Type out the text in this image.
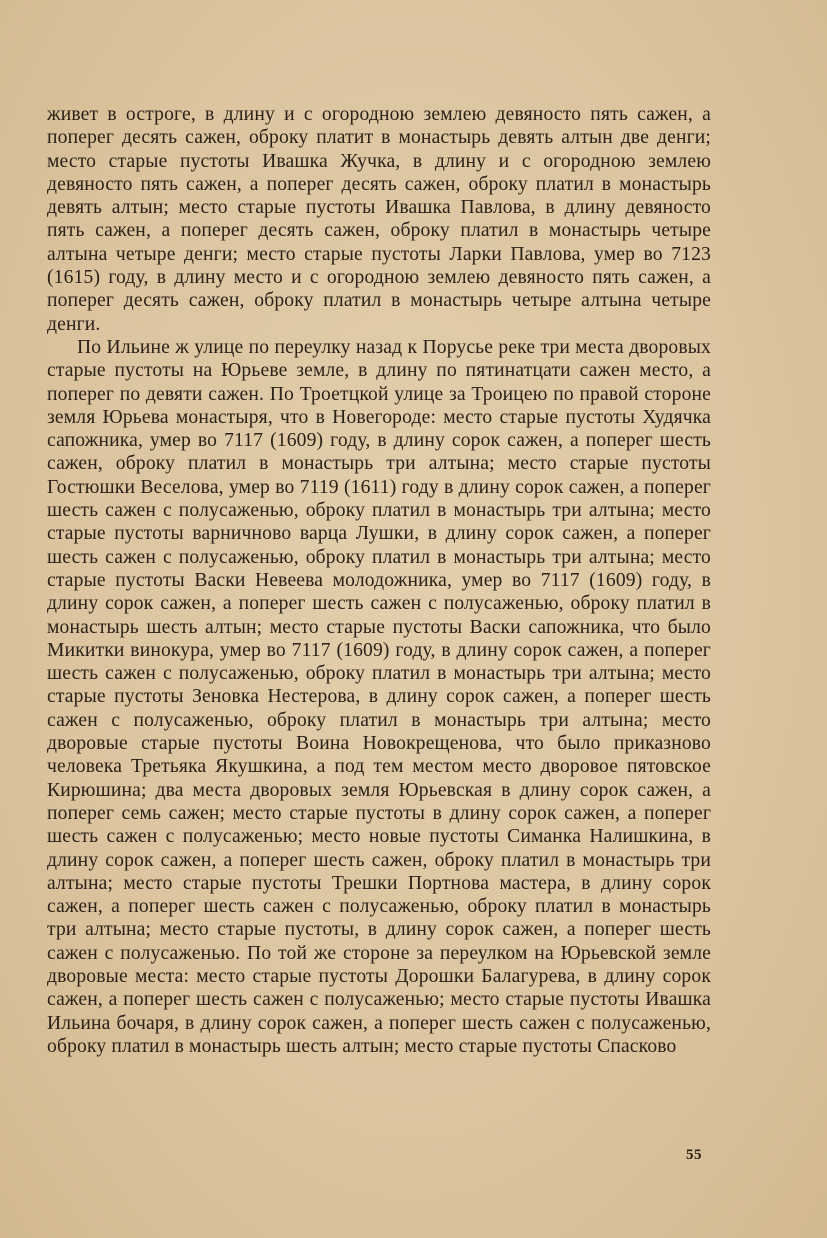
живет в остроге, в длину и с огородною землею девяносто пять сажен, а поперег десять сажен, оброку платит в монастырь девять алтын две денги; место старые пустоты Ивашка Жучка, в длину и с огородною землею девяносто пять сажен, а поперег десять сажен, оброку платил в монастырь девять алтын; место старые пустоты Ивашка Павлова, в длину девяносто пять сажен, а поперег десять сажен, оброку платил в монастырь четыре алтына четыре денги; место старые пустоты Ларки Павлова, умер во 7123 (1615) году, в длину место и с огородною землею девяносто пять сажен, а поперег десять сажен, оброку платил в монастырь четыре алтына четыре денги.

По Ильине ж улице по переулку назад к Порусье реке три места дворовых старые пустоты на Юрьеве земле, в длину по пятинатцати сажен место, а поперег по девяти сажен. По Троетцкой улице за Троицею по правой стороне земля Юрьева монастыря, что в Новегороде: место старые пустоты Худячка сапожника, умер во 7117 (1609) году, в длину сорок сажен, а поперег шесть сажен, оброку платил в монастырь три алтына; место старые пустоты Гостюшки Веселова, умер во 7119 (1611) году в длину сорок сажен, а поперег шесть сажен с полусаженью, оброку платил в монастырь три алтына; место старые пустоты варничново варца Лушки, в длину сорок сажен, а поперег шесть сажен с полусаженью, оброку платил в монастырь три алтына; место старые пустоты Васки Невеева молодожника, умер во 7117 (1609) году, в длину сорок сажен, а поперег шесть сажен с полусаженью, оброку платил в монастырь шесть алтын; место старые пустоты Васки сапожника, что было Микитки винокура, умер во 7117 (1609) году, в длину сорок сажен, а поперег шесть сажен с полусаженью, оброку платил в монастырь три алтына; место старые пустоты Зеновка Нестерова, в длину сорок сажен, а поперег шесть сажен с полусаженью, оброку платил в монастырь три алтына; место дворовые старые пустоты Воина Новокрещенова, что было приказново человека Третьяка Якушкина, а под тем местом место дворовое пятовское Кирюшина; два места дворовых земля Юрьевская в длину сорок сажен, а поперег семь сажен; место старые пустоты в длину сорок сажен, а поперег шесть сажен с полусаженью; место новые пустоты Симанка Налишкина, в длину сорок сажен, а поперег шесть сажен, оброку платил в монастырь три алтына; место старые пустоты Трешки Портнова мастера, в длину сорок сажен, а поперег шесть сажен с полусаженью, оброку платил в монастырь три алтына; место старые пустоты, в длину сорок сажен, а поперег шесть сажен с полусаженью. По той же стороне за переулком на Юрьевской земле дворовые места: место старые пустоты Дорошки Балагурева, в длину сорок сажен, а поперег шесть сажен с полусаженью; место старые пустоты Ивашка Ильина бочаря, в длину сорок сажен, а поперег шесть сажен с полусаженью, оброку платил в монастырь шесть алтын; место старые пустоты Спасково

55
